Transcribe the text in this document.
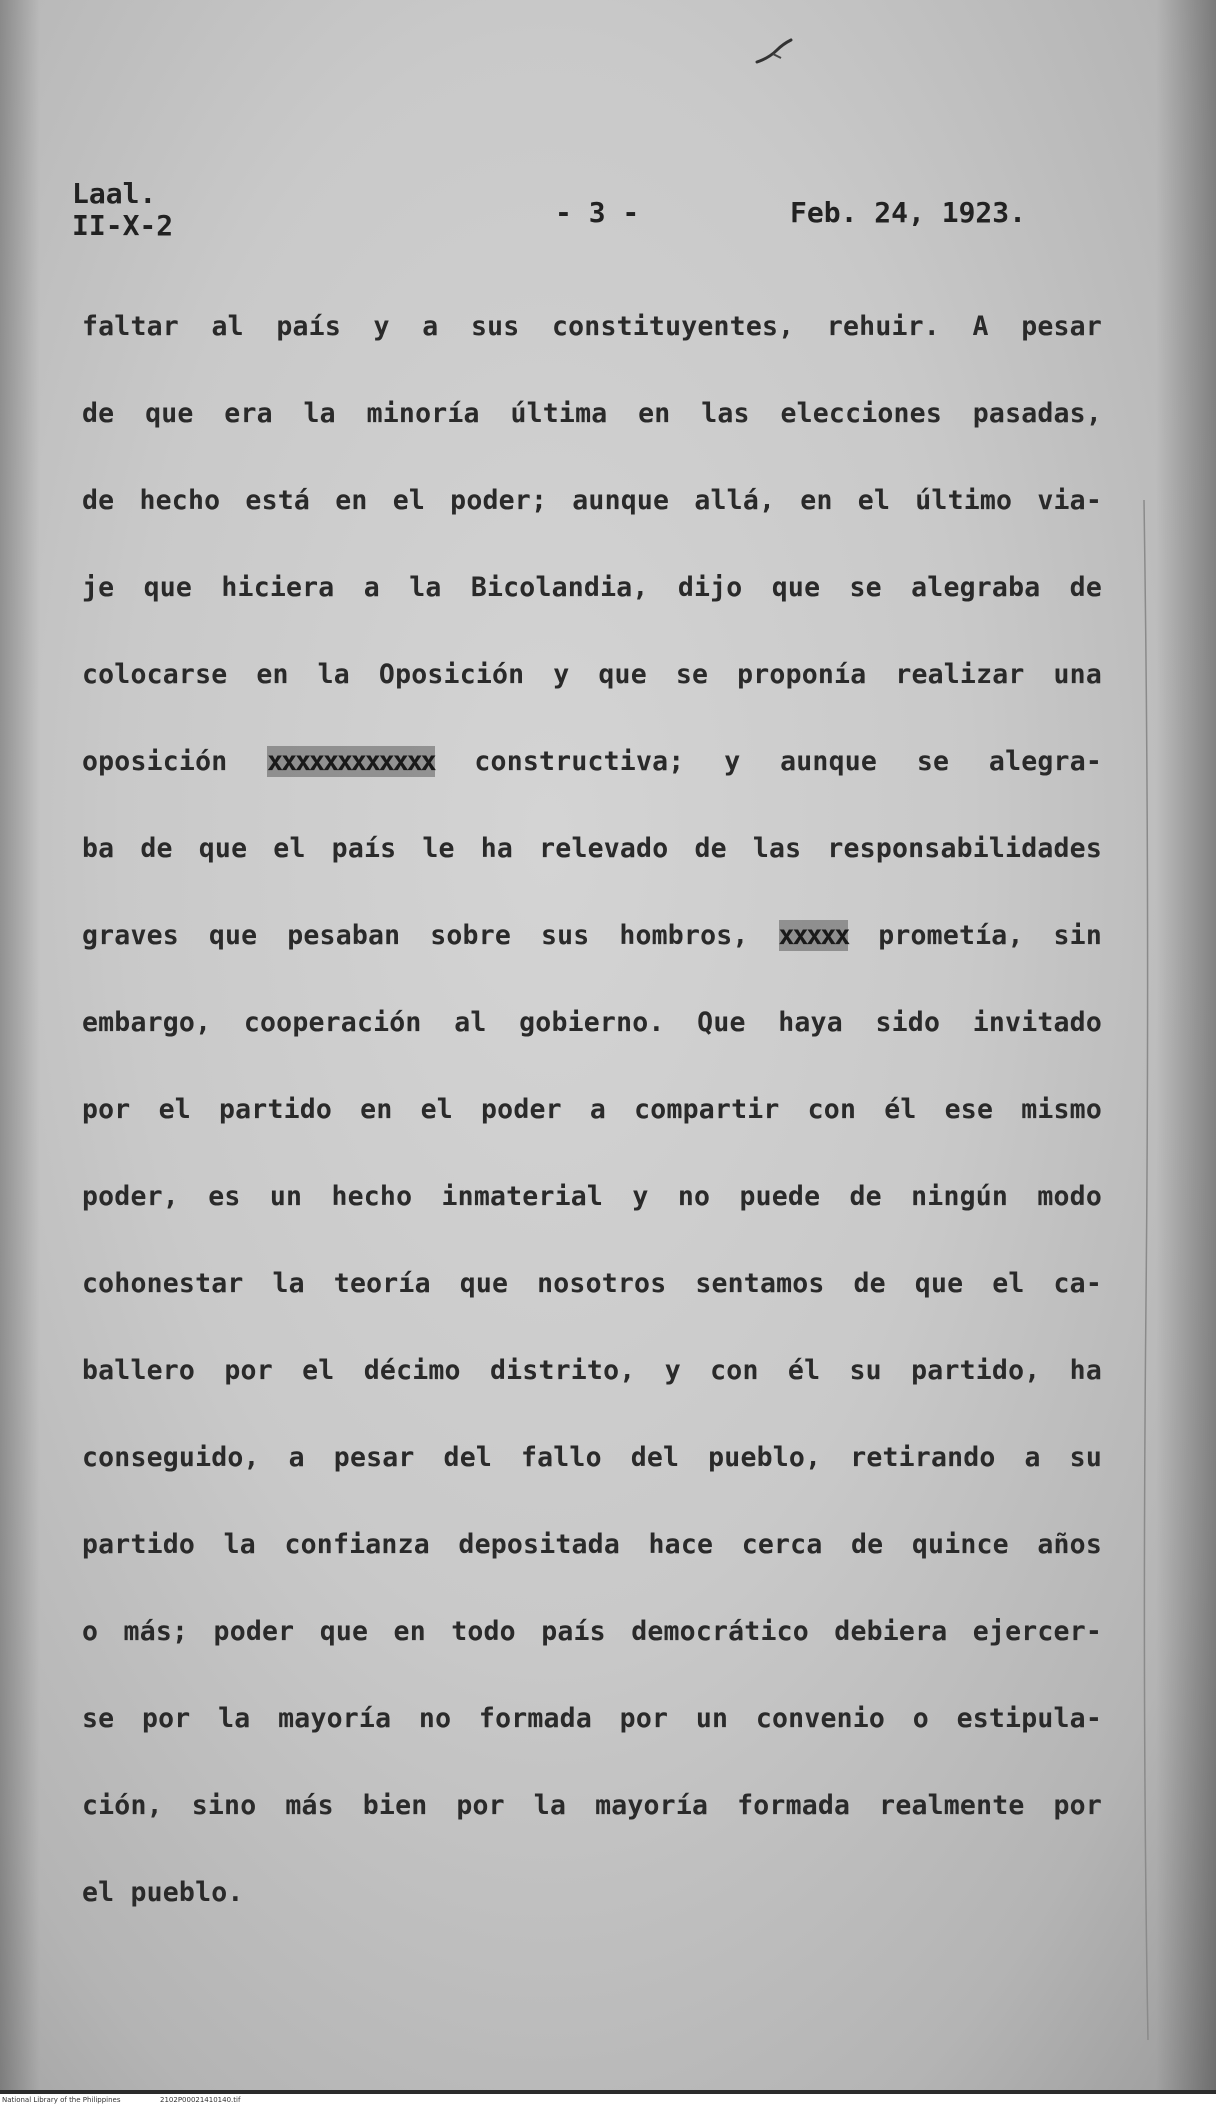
Laal.
II-X-2	- 3 -	Feb. 24, 1923.
faltar al país y a sus constituyentes, rehuir. A pesar
de que era la minoría última en las elecciones pasadas,
de hecho está en el poder; aunque allá, en el último via-
je que hiciera a la Bicolandia, dijo que se alegraba de
colocarse en la Oposición y que se proponía realizar una
oposición xxxxxxxxxxxx constructiva; y aunque se alegra-
ba de que el país le ha relevado de las responsabilidades
graves que pesaban sobre sus hombros, xxxxx prometía, sin
embargo, cooperación al gobierno. Que haya sido invitado
por el partido en el poder a compartir con él ese mismo
poder, es un hecho inmaterial y no puede de ningún modo
cohonestar la teoría que nosotros sentamos de que el ca-
ballero por el décimo distrito, y con él su partido, ha
conseguido, a pesar del fallo del pueblo, retirando a su
partido la confianza depositada hace cerca de quince años
o más; poder que en todo país democrático debiera ejercer-
se por la mayoría no formada por un convenio o estipula-
ción, sino más bien por la mayoría formada realmente por
el pueblo.
National Library of the Philippines	2102P00021410140.tif
